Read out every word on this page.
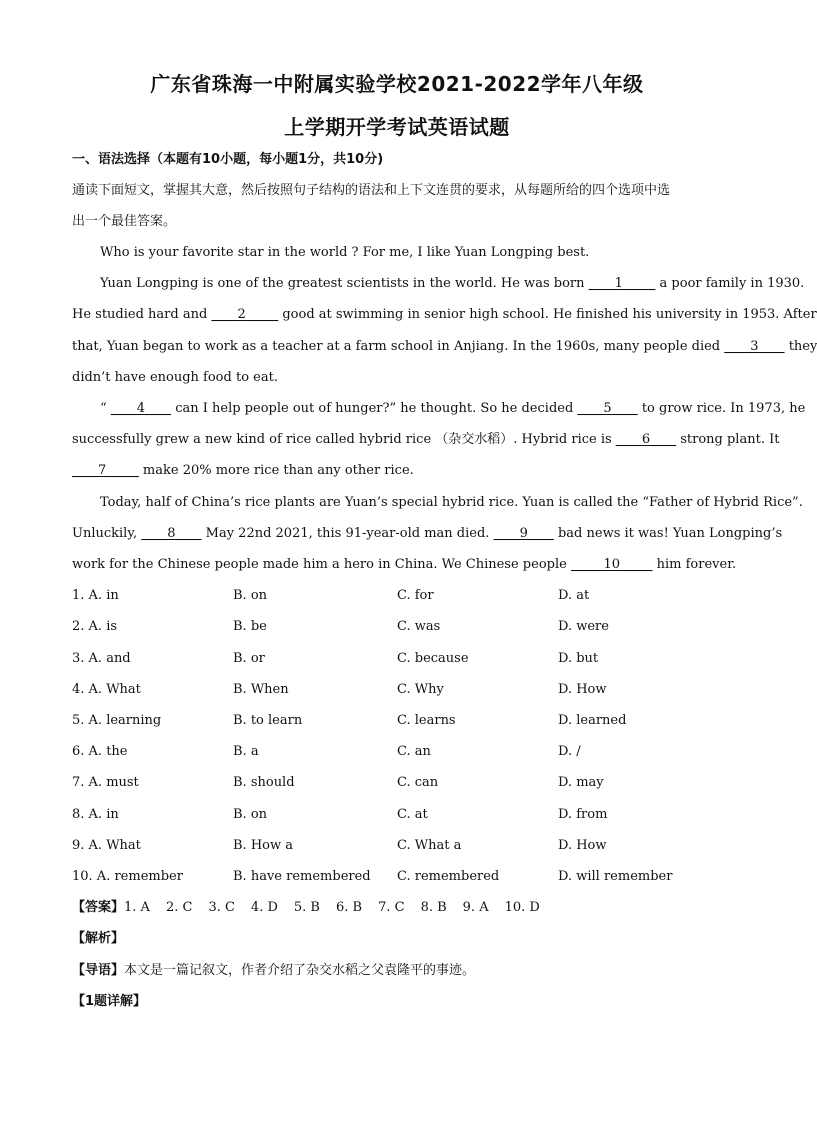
广东省珠海一中附属实验学校2021-2022学年八年级
上学期开学考试英语试题
一、语法选择（本题有10小题，每小题1分，共10分)
通读下面短文，掌握其大意，然后按照句子结构的语法和上下文连贯的要求，从每题所给的四个选项中选
出一个最佳答案。
Who is your favorite star in the world ? For me, I like Yuan Longping best.
Yuan Longping is one of the greatest scientists in the world. He was born ____1_____ a poor family in 1930.
He studied hard and ____2_____ good at swimming in senior high school. He finished his university in 1953. After
that, Yuan began to work as a teacher at a farm school in Anjiang. In the 1960s, many people died ____3____ they
didn’t have enough food to eat.
“ ____4____ can I help people out of hunger?” he thought. So he decided ____5____ to grow rice. In 1973, he
successfully grew a new kind of rice called hybrid rice （杂交水稻）. Hybrid rice is ____6____ strong plant. It
____7_____ make 20% more rice than any other rice.
Today, half of China’s rice plants are Yuan’s special hybrid rice. Yuan is called the “Father of Hybrid Rice”.
Unluckily, ____8____ May 22nd 2021, this 91-year-old man died. ____9____ bad news it was! Yuan Longping’s
work for the Chinese people made him a hero in China. We Chinese people _____10_____ him forever.
1. A. in	B. on	C. for	D. at
2. A. is	B. be	C. was	D. were
3. A. and	B. or	C. because	D. but
4. A. What	B. When	C. Why	D. How
5. A. learning	B. to learn	C. learns	D. learned
6. A. the	B. a	C. an	D. /
7. A. must	B. should	C. can	D. may
8. A. in	B. on	C. at	D. from
9. A. What	B. How a	C. What a	D. How
10. A. remember	B. have remembered C. remembered	D. will remember
【答案】1. A 2. C 3. C 4. D 5. B 6. B 7. C 8. B 9. A 10. D
【解析】
【导语】本文是一篇记叙文，作者介绍了杂交水稻之父袁隆平的事迹。
【1题详解】
